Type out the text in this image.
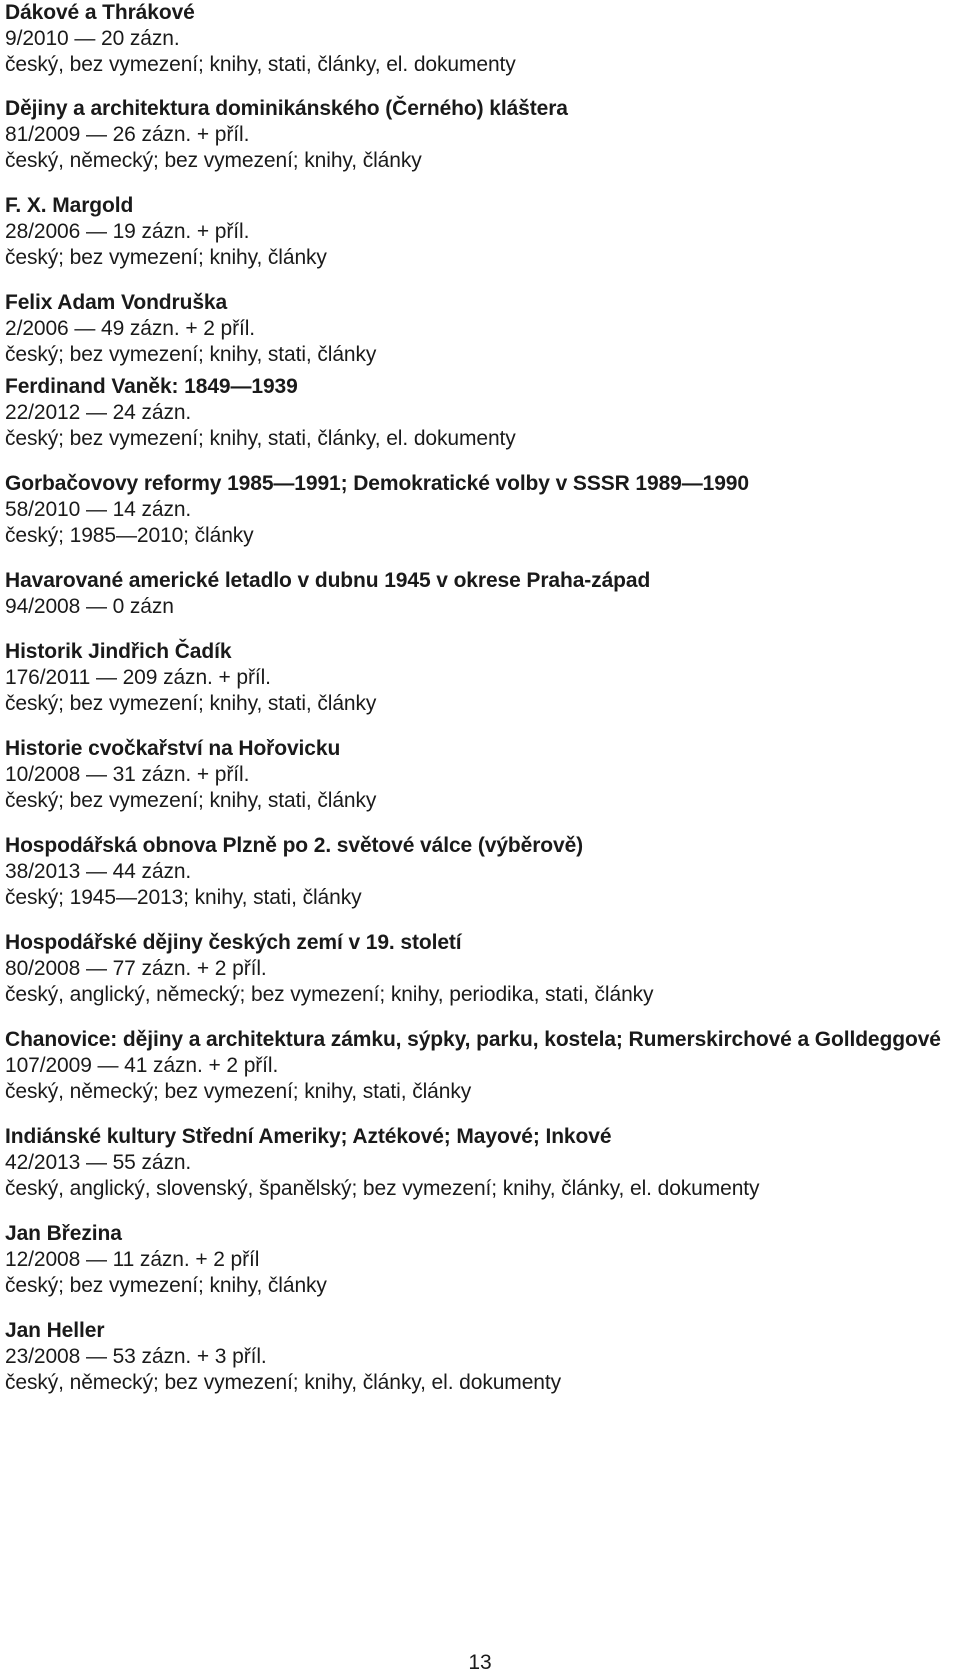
Dákové a Thrákové
9/2010 — 20 zázn.
český, bez vymezení; knihy, stati, články, el. dokumenty
Dějiny a architektura dominikánského (Černého) kláštera
81/2009 — 26 zázn. + příl.
český, německý; bez vymezení; knihy, články
F. X. Margold
28/2006 — 19 zázn. + příl.
český; bez vymezení; knihy, články
Felix Adam Vondruška
2/2006 — 49 zázn. + 2 příl.
český; bez vymezení; knihy, stati, články
Ferdinand Vaněk: 1849—1939
22/2012 — 24 zázn.
český; bez vymezení; knihy, stati, články, el. dokumenty
Gorbačovovy reformy 1985—1991; Demokratické volby v SSSR 1989—1990
58/2010 — 14 zázn.
český; 1985—2010; články
Havarované americké letadlo v dubnu 1945 v okrese Praha-západ
94/2008 — 0 zázn
Historik Jindřich Čadík
176/2011 — 209 zázn. + příl.
český; bez vymezení; knihy, stati, články
Historie cvočkařství na Hořovicku
10/2008 — 31 zázn. + příl.
český; bez vymezení; knihy, stati, články
Hospodářská obnova Plzně po 2. světové válce (výběrově)
38/2013 — 44 zázn.
český; 1945—2013; knihy, stati, články
Hospodářské dějiny českých zemí v 19. století
80/2008 — 77 zázn. + 2 příl.
český, anglický, německý; bez vymezení; knihy, periodika, stati, články
Chanovice: dějiny a architektura zámku, sýpky, parku, kostela; Rumerskirchové a Golldeggové
107/2009 — 41 zázn. + 2 příl.
český, německý; bez vymezení; knihy, stati, články
Indiánské kultury Střední Ameriky; Aztékové; Mayové; Inkové
42/2013 — 55 zázn.
český, anglický, slovenský, španělský; bez vymezení; knihy, články, el. dokumenty
Jan Březina
12/2008 — 11 zázn. + 2 příl
český; bez vymezení; knihy, články
Jan Heller
23/2008 — 53 zázn. + 3 příl.
český, německý; bez vymezení; knihy, články, el. dokumenty
13
